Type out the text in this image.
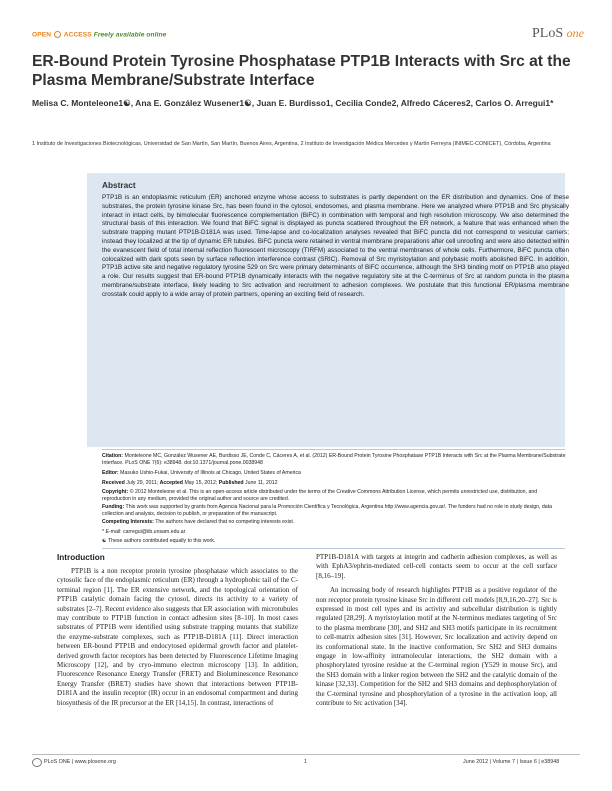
OPEN ACCESS Freely available online	PLoS one
ER-Bound Protein Tyrosine Phosphatase PTP1B Interacts with Src at the Plasma Membrane/Substrate Interface
Melisa C. Monteleone1☯, Ana E. González Wusener1☯, Juan E. Burdisso1, Cecilia Conde2, Alfredo Cáceres2, Carlos O. Arregui1*
1 Instituto de Investigaciones Biotecnológicas, Universidad de San Martín, San Martín, Buenos Aires, Argentina, 2 Instituto de Investigación Médica Mercedes y Martín Ferreyra (INIMEC-CONICET), Córdoba, Argentina
Abstract
PTP1B is an endoplasmic reticulum (ER) anchored enzyme whose access to substrates is partly dependent on the ER distribution and dynamics. One of these substrates, the protein tyrosine kinase Src, has been found in the cytosol, endosomes, and plasma membrane. Here we analyzed where PTP1B and Src physically interact in intact cells, by bimolecular fluorescence complementation (BiFC) in combination with temporal and high resolution microscopy. We also determined the structural basis of this interaction. We found that BiFC signal is displayed as puncta scattered throughout the ER network, a feature that was enhanced when the substrate trapping mutant PTP1B-D181A was used. Time-lapse and co-localization analyses revealed that BiFC puncta did not correspond to vesicular carriers; instead they localized at the tip of dynamic ER tubules. BiFC puncta were retained in ventral membrane preparations after cell unroofing and were also detected within the evanescent field of total internal reflection fluorescent microscopy (TIRFM) associated to the ventral membranes of whole cells. Furthermore, BiFC puncta often colocalized with dark spots seen by surface reflection interference contrast (SRIC). Removal of Src myristoylation and polybasic motifs abolished BiFC. In addition, PTP1B active site and negative regulatory tyrosine 529 on Src were primary determinants of BiFC occurrence, although the SH3 binding motif on PTP1B also played a role. Our results suggest that ER-bound PTP1B dynamically interacts with the negative regulatory site at the C-terminus of Src at random puncta in the plasma membrane/substrate interface, likely leading to Src activation and recruitment to adhesion complexes. We postulate that this functional ER/plasma membrane crosstalk could apply to a wide array of protein partners, opening an exciting field of research.
Citation: Monteleone MC, González Wusener AE, Burdisso JE, Conde C, Cáceres A, et al. (2012) ER-Bound Protein Tyrosine Phosphatase PTP1B Interacts with Src at the Plasma Membrane/Substrate Interface. PLoS ONE 7(6): e38948. doi:10.1371/journal.pone.0038948
Editor: Masuko Ushio-Fukai, University of Illinois at Chicago, United States of America
Received July 29, 2011; Accepted May 15, 2012; Published June 11, 2012
Copyright: © 2012 Monteleone et al. This is an open-access article distributed under the terms of the Creative Commons Attribution License, which permits unrestricted use, distribution, and reproduction in any medium, provided the original author and source are credited.
Funding: This work was supported by grants from Agencia Nacional para la Promoción Científica y Tecnológica, Argentina http://www.agencia.gov.ar/. The funders had no role in study design, data collection and analysis, decision to publish, or preparation of the manuscript.
Competing Interests: The authors have declared that no competing interests exist.
* E-mail: carregui@iib.unsam.edu.ar
☯ These authors contributed equally to this work.
Introduction

PTP1B is a non receptor protein tyrosine phosphatase which associates to the cytosolic face of the endoplasmic reticulum (ER) through a hydrophobic tail of the C-terminal region [1]. The ER extensive network, and the topological orientation of PTP1B catalytic domain facing the cytosol, directs its activity to a variety of substrates [2–7]. Recent evidence also suggests that ER association with microtubules may contribute to PTP1B function in contact adhesion sites [8–10]. In most cases substrates of PTP1B were identified using substrate trapping mutants that stabilize the enzyme-substrate complexes, such as PTP1B-D181A [11]. Direct interaction between ER-bound PTP1B and endocytosed epidermal growth factor and platelet-derived growth factor receptors has been detected by Fluorescence Lifetime Imaging Microscopy [12], and by cryo-immuno electron microscopy [13]. In addition, Fluorescence Resonance Energy Transfer (FRET) and Bioluminescence Resonance Energy Transfer (BRET) studies have shown that interactions between PTP1B-D181A and the insulin receptor (IR) occur in an endosomal compartment and during biosynthesis of the IR precursor at the ER [14,15]. In contrast, interactions of

PTP1B-D181A with targets at integrin and cadherin adhesion complexes, as well as with EphA3/ephrin-mediated cell-cell contacts seem to occur at the cell surface [8,16–19].

An increasing body of research highlights PTP1B as a positive regulator of the non receptor protein tyrosine kinase Src in different cell models [8,9,16,20–27]. Src is expressed in most cell types and its activity and subcellular distribution is tightly regulated [28,29]. A myristoylation motif at the N-terminus mediates targeting of Src to the plasma membrane [30], and SH2 and SH3 motifs participate in its recruitment to cell-matrix adhesion sites [31]. However, Src localization and activity depend on its conformational state. In the inactive conformation, Src SH2 and SH3 domains engage in low-affinity intramolecular interactions, the SH2 domain with a phosphorylated tyrosine residue at the C-terminal region (Y529 in mouse Src), and the SH3 domain with a linker region between the SH2 and the catalytic domain of the kinase [32,33]. Competition for the SH2 and SH3 domains and dephosphorylation of the C-terminal tyrosine and phosphorylation of a tyrosine in the activation loop, all contribute to Src activation [34].

PLoS ONE | www.plosone.org	1	June 2012 | Volume 7 | Issue 6 | e38948
